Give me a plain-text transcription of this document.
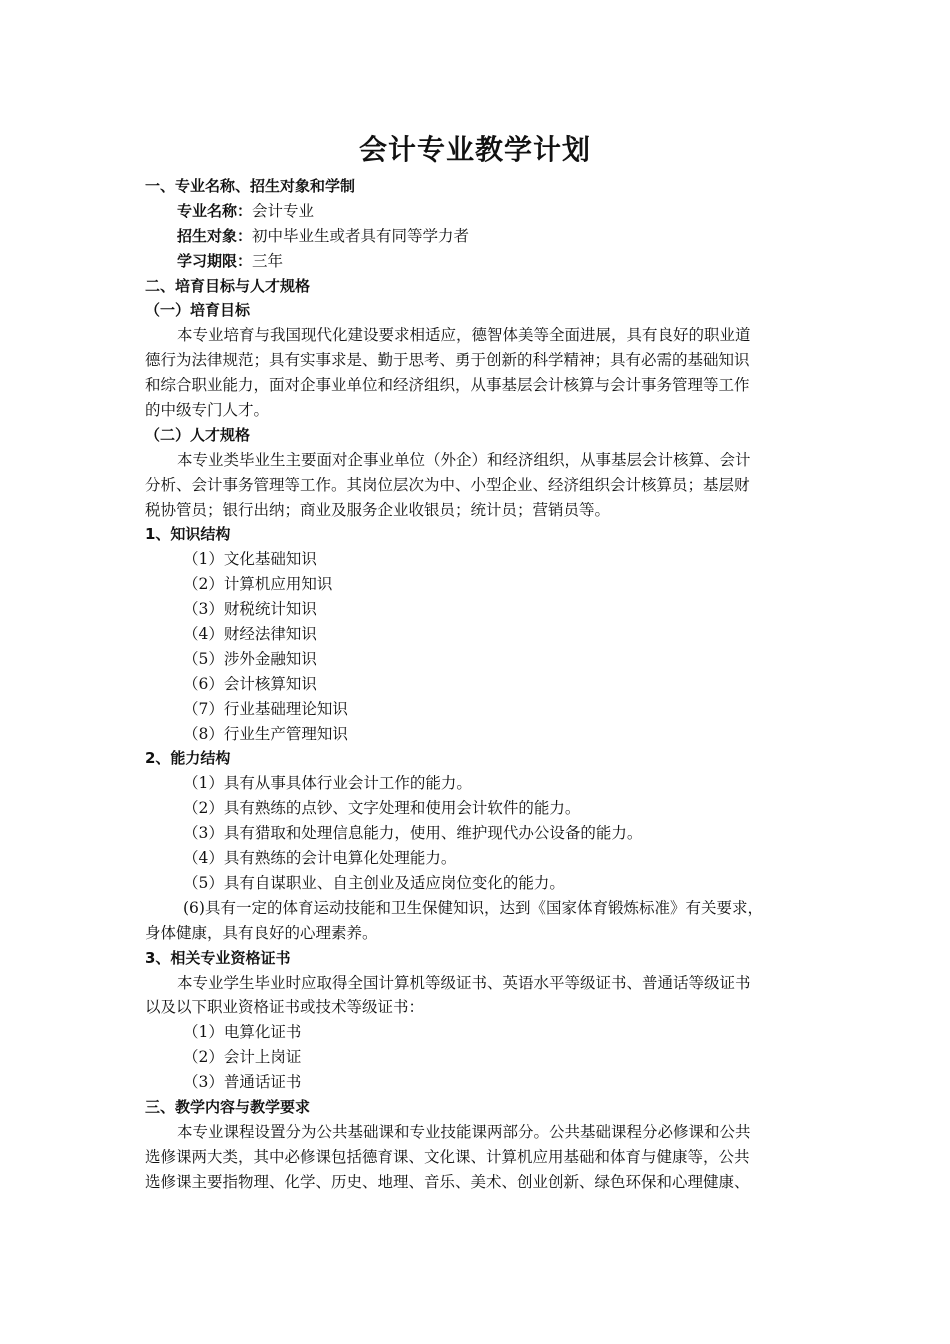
会计专业教学计划
一、专业名称、招生对象和学制
专业名称：会计专业
招生对象：初中毕业生或者具有同等学力者
学习期限：三年
二、培育目标与人才规格
（一）培育目标
本专业培育与我国现代化建设要求相适应，德智体美等全面进展，具有良好的职业道
德行为法律规范；具有实事求是、勤于思考、勇于创新的科学精神；具有必需的基础知识
和综合职业能力，面对企事业单位和经济组织，从事基层会计核算与会计事务管理等工作
的中级专门人才。
（二）人才规格
本专业类毕业生主要面对企事业单位（外企）和经济组织，从事基层会计核算、会计
分析、会计事务管理等工作。其岗位层次为中、小型企业、经济组织会计核算员；基层财
税协管员；银行出纳；商业及服务企业收银员；统计员；营销员等。
1、知识结构
（1）文化基础知识
（2）计算机应用知识
（3）财税统计知识
（4）财经法律知识
（5）涉外金融知识
（6）会计核算知识
（7）行业基础理论知识
（8）行业生产管理知识
2、能力结构
（1）具有从事具体行业会计工作的能力。
（2）具有熟练的点钞、文字处理和使用会计软件的能力。
（3）具有猎取和处理信息能力，使用、维护现代办公设备的能力。
（4）具有熟练的会计电算化处理能力。
（5）具有自谋职业、自主创业及适应岗位变化的能力。
(6)具有一定的体育运动技能和卫生保健知识，达到《国家体育锻炼标准》有关要求，
身体健康，具有良好的心理素养。
3、相关专业资格证书
本专业学生毕业时应取得全国计算机等级证书、英语水平等级证书、普通话等级证书
以及以下职业资格证书或技术等级证书：
（1）电算化证书
（2）会计上岗证
（3）普通话证书
三、教学内容与教学要求
本专业课程设置分为公共基础课和专业技能课两部分。公共基础课程分必修课和公共
选修课两大类，其中必修课包括德育课、文化课、计算机应用基础和体育与健康等，公共
选修课主要指物理、化学、历史、地理、音乐、美术、创业创新、绿色环保和心理健康、
